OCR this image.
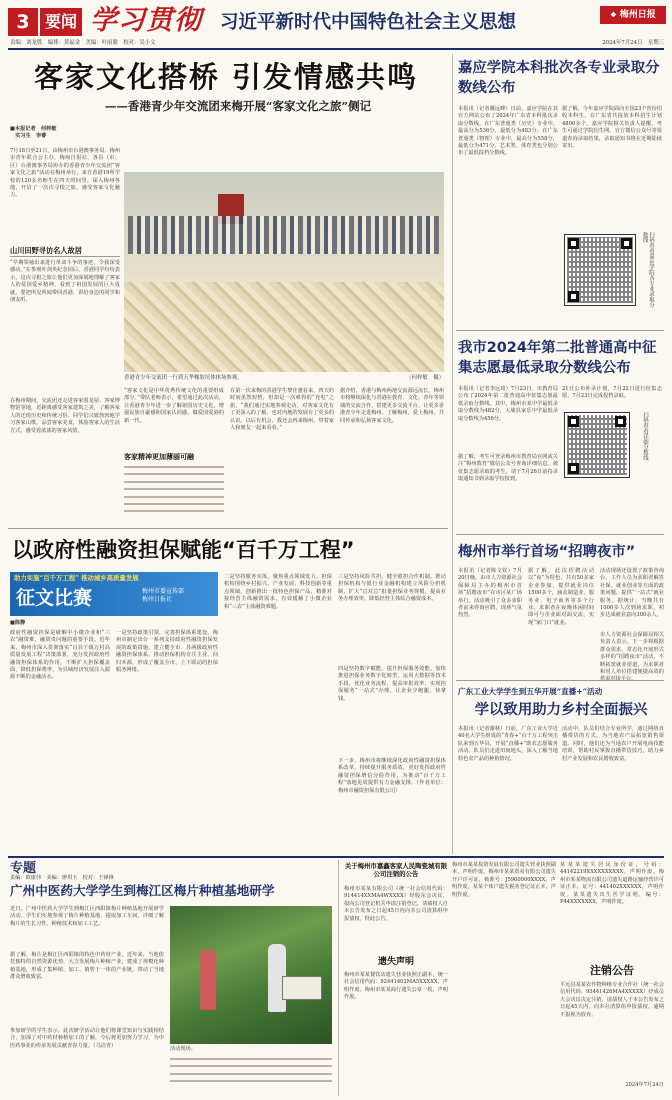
3 要闻 学习贯彻 习近平新时代中国特色社会主义思想	❖ 梅州日报
责编：刘龙胜　编排：黄福金　美编：叶雨聪　校对：吴小文	2024年7月24日　星期三
客家文化搭桥 引发情感共鸣
——香港青少年交流团来梅开展“客家文化之旅”侧记
■本报记者　何梓敏
　实习生　李睿
7月18日至21日，由梅州市台港澳事务局、梅州市青年联合会主办，梅州日报社、各县（市、区）台港澳事务局协办的香港青少年交流团“客家文化之旅”活动在梅州举行。来自香港19所学校的120多名师生在四天时间里，深入梅州各地，开启了一次次寻根之旅，感受客家文化魅力。
山川田野寻访名人故居
“早期领袖出来进行革命斗争的事迹，令我深受感动。”在参观叶剑英纪念园后，香港同学纷纷表示，这次寻根之旅让他们更加深刻地理解了客家人的爱国爱乡精神，看到了祖国发展的巨大成就，要把所见所闻带回香港，讲给身边的同学和朋友听。
在梅州期间，交流团还走进客家围龙屋、客家博物馆等地，近距离感受客家建筑之美，了解客家人的迁徙历史和传统习俗。同学们兴致勃勃地学习客家山歌，品尝客家美食，体验客家人的生活方式，感受着浓浓的客家风情。
香港青少年交流团一行到五华橡胶坑体体场参观。	（何梓敏　摄）
“客家文化是中华优秀传统文化的重要组成部分。”带队老师表示，希望通过此次活动，让香港青少年进一步了解祖国历史文化，增强民族自豪感和国家认同感，做爱国爱港的新一代。
客家精神更加薄丽可融
在第一次来梅的香港学生黎佳蕙看来，四天的时间虽然短暂，但却是一次难得的“充电”之旅，“我们通过实地参观走访，对客家文化有了更深入的了解，也对内地的发展有了更多的认识。以后有机会，我还会再来梅州，带着家人和朋友一起来看看。”
据介绍，香港与梅州两地交流源远流长，梅州市将继续深化与香港在教育、文化、青年等领域的交流合作，搭建更多交流平台，让更多香港青少年走进梅州、了解梅州、爱上梅州，共同传承和弘扬客家文化。
嘉应学院本科批次各专业录取分数线公布
本报讯（记者戴远峰）日前，嘉应学院在其官方网站公布了2024年广东省本科批次录取分数线。在广东普通类（历史）专业中，最高分为536分，最低分为483分；在广东普通类（物理）专业中，最高分为558分，最低分为471分。艺术类、体育类也分别公布了最低投档分数线。
据了解，今年嘉应学院面向全国23个省份招收本科生，在广东省共投放本科招生计划4800多个。嘉应学院相关负责人提醒，考生可通过学院招生网、官方微信公众号等渠道查询录取结果，录取通知书将在近期陆续寄出。
扫码查看嘉应学院各专业录取分数线
我市2024年第二批普通高中征集志愿最低录取分数线公布
本报讯（记者李远琦）7月23日，市教育局公布了2024年第二批普通高中征集志愿最低录取分数线。其中，梅州市某中学最低录取分数线为482分，大埔县家乐中学最低录取分数线为456分。
据了解，考生可登录梅州市教育局官网或关注“梅州教育”微信公众号查询详细信息。被征集志愿录取的考生，请于7月26日前持录取通知书到录取学校报到。
21日公布补录计划，7月22日进行征集志愿，7月23日完成投档录取。
扫码查看详细分数线
以政府性融资担保赋能“百千万工程”
助力实施“百千万工程” 推动城乡高质量发展
征文比赛	梅州市委宣传部
梅州日报社
■陈静
政府性融资担保是破解中小微企业和“三农”融资难、融资贵问题的重要手段。近年来，梅州市深入贯彻落实“百县千镇万村高质量发展工程”决策部署，充分发挥政府性融资担保体系的作用，不断扩大担保覆盖面，降低担保费率，为县域经济发展注入源源不断的金融活水。
一是坚持政策引领，完善担保体系建设。梅州市制定出台一系列支持政府性融资担保发展的政策措施，建立健全市、县两级政府性融资担保体系，推动担保机构专注主业、回归本源，形成了覆盖全市、上下联动的担保服务网络。
二是坚持服务实体，聚焦重点领域发力。担保机构围绕乡村振兴、产业发展、科技创新等重点领域，创新推出一批特色担保产品，精准对接经营主体融资需求，有效缓解了小微企业和“三农”主体融资难题。
三是坚持风险共担，健全银担合作机制。推动担保机构与银行业金融机构建立风险分担机制，扩大“总对总”批量担保业务规模，提高业务办理效率，降低经营主体综合融资成本。
四是坚持数字赋能，提升担保服务效能。加快推进担保业务数字化转型，运用大数据等技术手段，优化业务流程，提高审批效率，实现担保服务“一站式”办理，让企业少跑腿、快拿钱。
下一步，梅州市将继续深化政府性融资担保体系改革，持续提升服务质效，更好发挥政府性融资担保增信分险作用，为推动“百千万工程”落地见效提供有力金融支撑。（作者单位：梅州市融资担保有限公司）
梅州市举行首场“招聘夜市”
本报讯（记者陈文钦）7月20日晚，由市人力资源社会保障局主办的梅州市首场“招聘夜市”在市区某广场举行。活动吸引了众多求职者前来咨询应聘，现场气氛热烈。
据了解，此次招聘活动以“夜”为特色，共有50多家企业参加，提供就业岗位1500多个，涵盖制造业、服务业、电子商务等多个行业。求职者在夜晚休闲时间即可与企业面对面交流，实现“家门口”就业。
活动现场还设置了政策咨询台，工作人员为求职者解答社保、就业创业等方面的政策问题，提供“一站式”就业服务。据统计，当晚共有1000多人次到场求职，初步达成就业意向300余人。
市人力资源社会保障局相关负责人表示，下一步将根据群众需求，常态化开展形式多样的“招聘夜市”活动，不断拓宽就业渠道，为求职者和用人单位搭建便捷高效的
广东工业大学学生到五华开展“直播+”活动
学以致用助力乡村全面振兴
本报讯（记者谢林）日前，广东工业大学近40名大学生组成的“青春+”百千万工程突击队来到五华县，开展“直播+”助农志愿服务活动。队员们走进田间地头，深入了解当地特色农产品的种植情况。
活动中，队员们结合专业所学，通过网络直播带货的方式，为当地农产品拓宽销售渠道。同时，他们还为当地农户开展电商技能培训，帮助村民掌握直播带货技巧，助力乡村产业发展和农民增收致富。
专题
责编：欧康伟　美编：廖琪玉　校对：王锋锋
广州中医药大学学生到梅江区梅片种植基地研学
近日，广州中医药大学学生到梅江区西阳镇梅片种植基地开展研学活动。学生们实地参观了梅片种植基地、提取加工车间，详细了解梅片的生长习性、种植技术和加工工艺。
据了解，梅片是梅江区西阳镇的特色中药材产业。近年来，当地依托独特的自然资源优势，大力发展梅片种植产业，建成了规模化种植基地，形成了集种植、加工、销售于一体的产业链，带动了当地群众增收致富。
参加研学的学生表示，此次研学活动让他们将课堂知识与实践相结合，加深了对中药材种植加工的了解，今后将更加努力学习，为中医药事业的传承发展贡献青春力量。（马洁青）
活动现场。
关于梅州市嘉鑫客家人民陶瓷城有限公司注销的公告
梅州市某某有限公司（统一社会信用代码：914414XXMA4WXXXX）经股东会决议，拟向公司登记机关申请注销登记。请债权人自本公告发布之日起45日内向本公司清算组申报债权。特此公告。
遗失声明
梅州市某某餐饮店遗失营业执照正副本，统一社会信用代码：92441402MA5XXXXX，声明作废。梅州市某某商行遗失公章一枚，声明作废。
梅州市某某投资发展有限公司遗失营业执照副本，声明作废。梅州市某某贸易有限公司遗失开户许可证，核准号：J5960000XXXX，声明作废。某某个体户遗失税务登记证正本，声明作废。
某某某遗失居民身份证，号码：44142219XXXXXXXXXX，声明作废。梅州市某某物流有限公司遗失道路运输经营许可证正本，证号：441402XXXXXX，声明作废。某某遗失出生医学证明，编号：P44XXXXXXX，声明作废。
注销公告
平远县某某农作物种植专业合作社（统一社会信用代码：93441426MA4XXXXX）经成员大会决议决定注销，请债权人于本公告发布之日起45天内，向本社清算组申报债权，逾期不报视为放弃。
2024年7月24日
